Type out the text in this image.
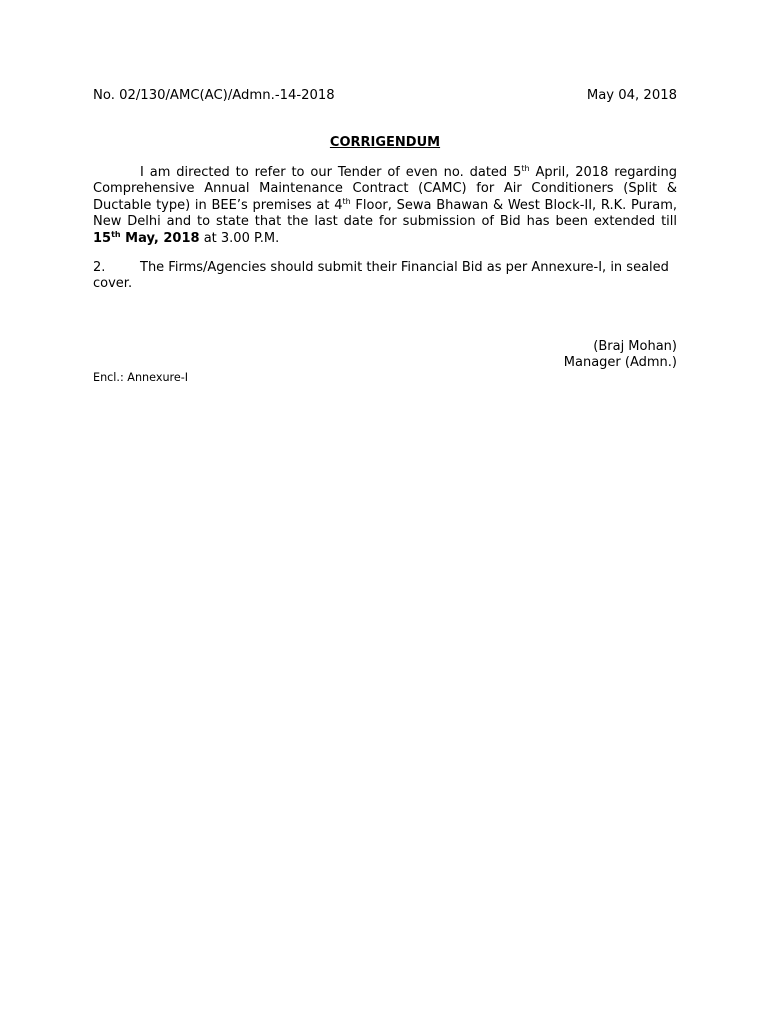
No. 02/130/AMC(AC)/Admn.-14-2018	May 04, 2018
CORRIGENDUM

I am directed to refer to our Tender of even no. dated 5th April, 2018 regarding Comprehensive Annual Maintenance Contract (CAMC) for Air Conditioners (Split & Ductable type) in BEE’s premises at 4th Floor, Sewa Bhawan & West Block-II, R.K. Puram, New Delhi and to state that the last date for submission of Bid has been extended till 15th May, 2018 at 3.00 P.M.

2.	The Firms/Agencies should submit their Financial Bid as per Annexure-I, in sealed cover.

(Braj Mohan)
Manager (Admn.)
Encl.: Annexure-I
